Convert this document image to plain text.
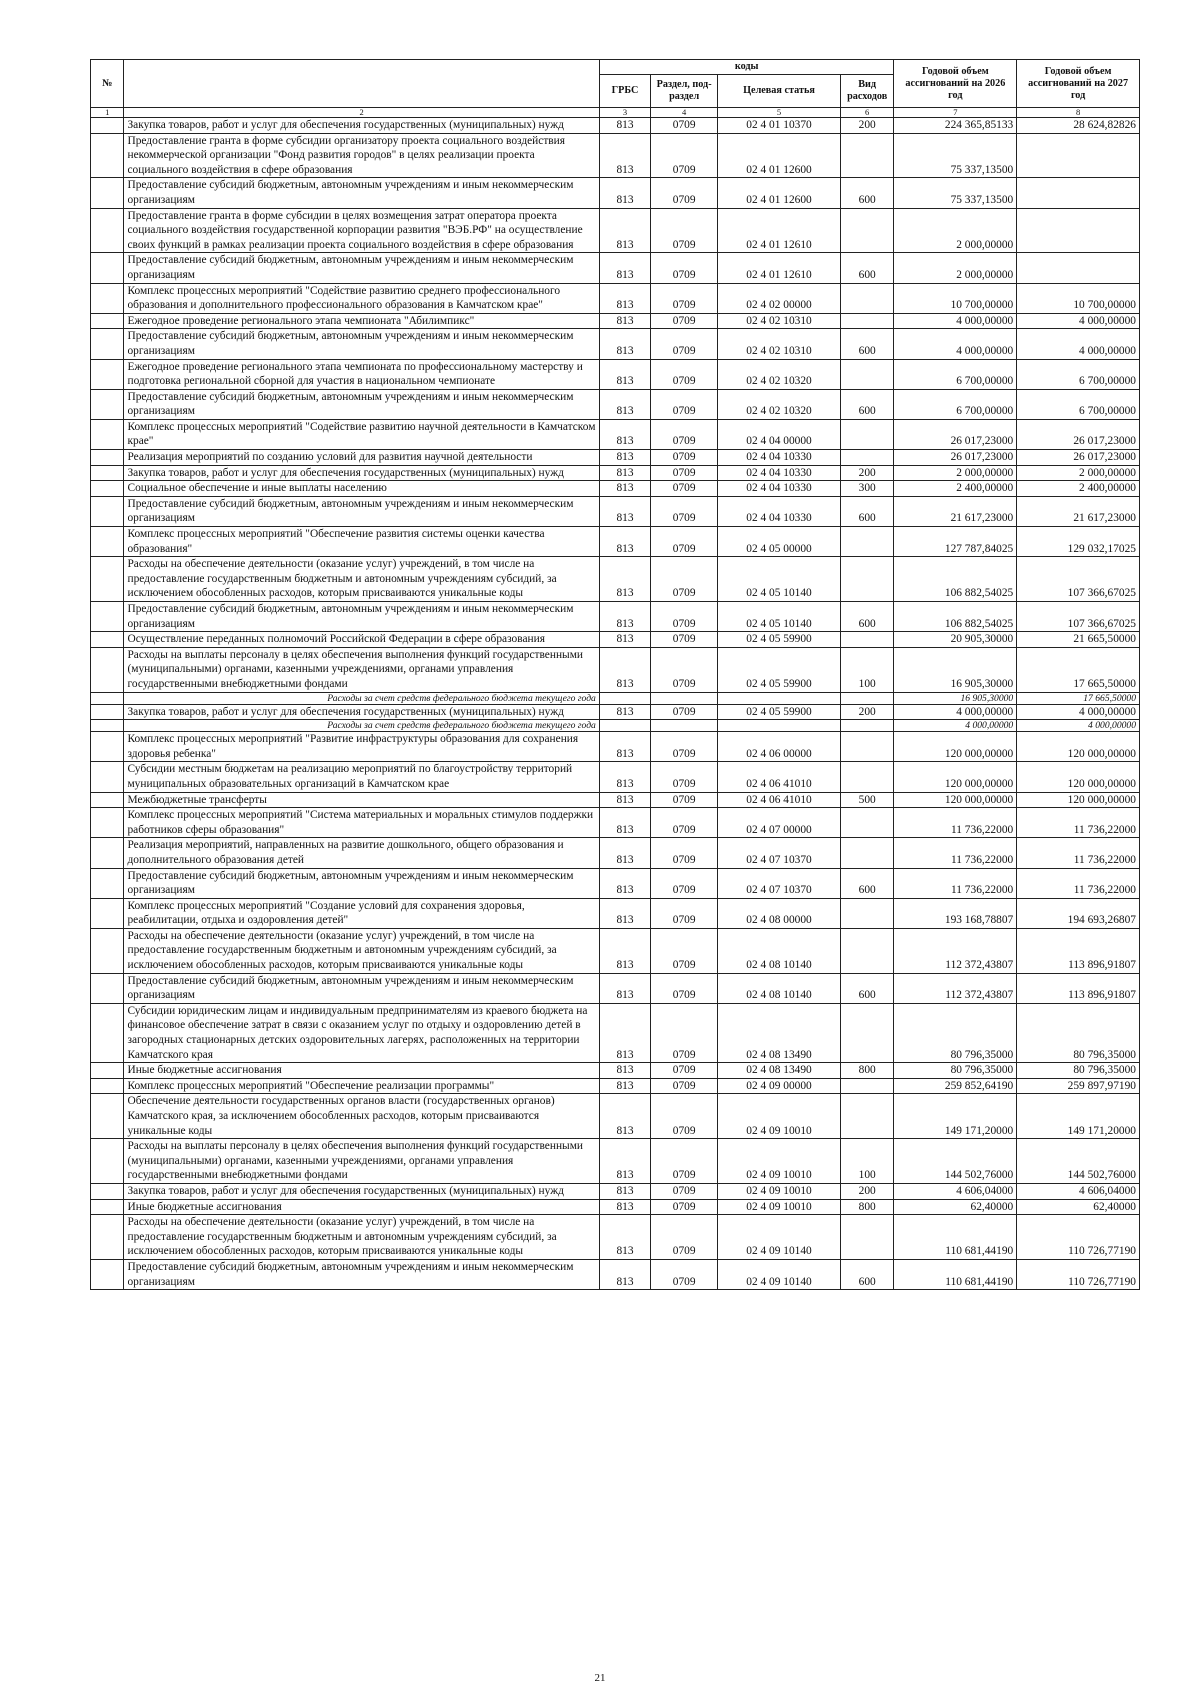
№		коды				Годовой объем ассигнований на 2026 год	Годовой объем ассигнований на 2027 год
		ГРБС	Раздел, под-раздел	Целевая статья	Вид расходов		
1	2	3	4	5	6	7	8
	Закупка товаров, работ и услуг для обеспечения государственных (муниципальных) нужд	813	0709	02 4 01 10370	200	224 365,85133	28 624,82826
	Предоставление гранта в форме субсидии организатору проекта социального воздействия некоммерческой организации "Фонд развития городов" в целях реализации проекта социального воздействия в сфере образования	813	0709	02 4 01 12600		75 337,13500	
	Предоставление субсидий бюджетным, автономным учреждениям и иным некоммерческим организациям	813	0709	02 4 01 12600	600	75 337,13500	
	Предоставление гранта в форме субсидии в целях возмещения затрат оператора проекта социального воздействия государственной корпорации развития "ВЭБ.РФ" на осуществление своих функций в рамках реализации проекта социального воздействия в сфере образования	813	0709	02 4 01 12610		2 000,00000	
	Предоставление субсидий бюджетным, автономным учреждениям и иным некоммерческим организациям	813	0709	02 4 01 12610	600	2 000,00000	
	Комплекс процессных мероприятий "Содействие развитию среднего профессионального образования и дополнительного профессионального образования в Камчатском крае"	813	0709	02 4 02 00000		10 700,00000	10 700,00000
	Ежегодное проведение регионального этапа чемпионата "Абилимпикс"	813	0709	02 4 02 10310		4 000,00000	4 000,00000
	Предоставление субсидий бюджетным, автономным учреждениям и иным некоммерческим организациям	813	0709	02 4 02 10310	600	4 000,00000	4 000,00000
	Ежегодное проведение регионального этапа чемпионата по профессиональному мастерству и подготовка региональной сборной для участия в национальном чемпионате	813	0709	02 4 02 10320		6 700,00000	6 700,00000
	Предоставление субсидий бюджетным, автономным учреждениям и иным некоммерческим организациям	813	0709	02 4 02 10320	600	6 700,00000	6 700,00000
	Комплекс процессных мероприятий "Содействие развитию научной деятельности в Камчатском крае"	813	0709	02 4 04 00000		26 017,23000	26 017,23000
	Реализация мероприятий по созданию условий для развития научной деятельности	813	0709	02 4 04 10330		26 017,23000	26 017,23000
	Закупка товаров, работ и услуг для обеспечения государственных (муниципальных) нужд	813	0709	02 4 04 10330	200	2 000,00000	2 000,00000
	Социальное обеспечение и иные выплаты населению	813	0709	02 4 04 10330	300	2 400,00000	2 400,00000
	Предоставление субсидий бюджетным, автономным учреждениям и иным некоммерческим организациям	813	0709	02 4 04 10330	600	21 617,23000	21 617,23000
	Комплекс процессных мероприятий "Обеспечение развития системы оценки качества образования"	813	0709	02 4 05 00000		127 787,84025	129 032,17025
	Расходы на обеспечение деятельности (оказание услуг) учреждений, в том числе на предоставление государственным бюджетным и автономным учреждениям субсидий, за исключением обособленных расходов, которым присваиваются уникальные коды	813	0709	02 4 05 10140		106 882,54025	107 366,67025
	Предоставление субсидий бюджетным, автономным учреждениям и иным некоммерческим организациям	813	0709	02 4 05 10140	600	106 882,54025	107 366,67025
	Осуществление переданных полномочий Российской Федерации в сфере образования	813	0709	02 4 05 59900		20 905,30000	21 665,50000
	Расходы на выплаты персоналу в целях обеспечения выполнения функций государственными (муниципальными) органами, казенными учреждениями, органами управления государственными внебюджетными фондами	813	0709	02 4 05 59900	100	16 905,30000	17 665,50000
	Расходы за счет средств федерального бюджета текущего года					16 905,30000	17 665,50000
	Закупка товаров, работ и услуг для обеспечения государственных (муниципальных) нужд	813	0709	02 4 05 59900	200	4 000,00000	4 000,00000
	Расходы за счет средств федерального бюджета текущего года					4 000,00000	4 000,00000
	Комплекс процессных мероприятий "Развитие инфраструктуры образования для сохранения здоровья ребенка"	813	0709	02 4 06 00000		120 000,00000	120 000,00000
	Субсидии местным бюджетам на реализацию мероприятий по благоустройству территорий муниципальных образовательных организаций в Камчатском крае	813	0709	02 4 06 41010		120 000,00000	120 000,00000
	Межбюджетные трансферты	813	0709	02 4 06 41010	500	120 000,00000	120 000,00000
	Комплекс процессных мероприятий "Система материальных и моральных стимулов поддержки работников сферы образования"	813	0709	02 4 07 00000		11 736,22000	11 736,22000
	Реализация мероприятий, направленных на развитие дошкольного, общего образования и дополнительного образования детей	813	0709	02 4 07 10370		11 736,22000	11 736,22000
	Предоставление субсидий бюджетным, автономным учреждениям и иным некоммерческим организациям	813	0709	02 4 07 10370	600	11 736,22000	11 736,22000
	Комплекс процессных мероприятий "Создание условий для сохранения здоровья, реабилитации, отдыха и оздоровления детей"	813	0709	02 4 08 00000		193 168,78807	194 693,26807
	Расходы на обеспечение деятельности (оказание услуг) учреждений, в том числе на предоставление государственным бюджетным и автономным учреждениям субсидий, за исключением обособленных расходов, которым присваиваются уникальные коды	813	0709	02 4 08 10140		112 372,43807	113 896,91807
	Предоставление субсидий бюджетным, автономным учреждениям и иным некоммерческим организациям	813	0709	02 4 08 10140	600	112 372,43807	113 896,91807
	Субсидии юридическим лицам и индивидуальным предпринимателям из краевого бюджета на финансовое обеспечение затрат в связи с оказанием услуг по отдыху и оздоровлению детей в загородных стационарных детских оздоровительных лагерях, расположенных на территории Камчатского края	813	0709	02 4 08 13490		80 796,35000	80 796,35000
	Иные бюджетные ассигнования	813	0709	02 4 08 13490	800	80 796,35000	80 796,35000
	Комплекс процессных мероприятий "Обеспечение реализации программы"	813	0709	02 4 09 00000		259 852,64190	259 897,97190
	Обеспечение деятельности государственных органов власти (государственных органов) Камчатского края, за исключением обособленных расходов, которым присваиваются уникальные коды	813	0709	02 4 09 10010		149 171,20000	149 171,20000
	Расходы на выплаты персоналу в целях обеспечения выполнения функций государственными (муниципальными) органами, казенными учреждениями, органами управления государственными внебюджетными фондами	813	0709	02 4 09 10010	100	144 502,76000	144 502,76000
	Закупка товаров, работ и услуг для обеспечения государственных (муниципальных) нужд	813	0709	02 4 09 10010	200	4 606,04000	4 606,04000
	Иные бюджетные ассигнования	813	0709	02 4 09 10010	800	62,40000	62,40000
	Расходы на обеспечение деятельности (оказание услуг) учреждений, в том числе на предоставление государственным бюджетным и автономным учреждениям субсидий, за исключением обособленных расходов, которым присваиваются уникальные коды	813	0709	02 4 09 10140		110 681,44190	110 726,77190
	Предоставление субсидий бюджетным, автономным учреждениям и иным некоммерческим организациям	813	0709	02 4 09 10140	600	110 681,44190	110 726,77190
21
